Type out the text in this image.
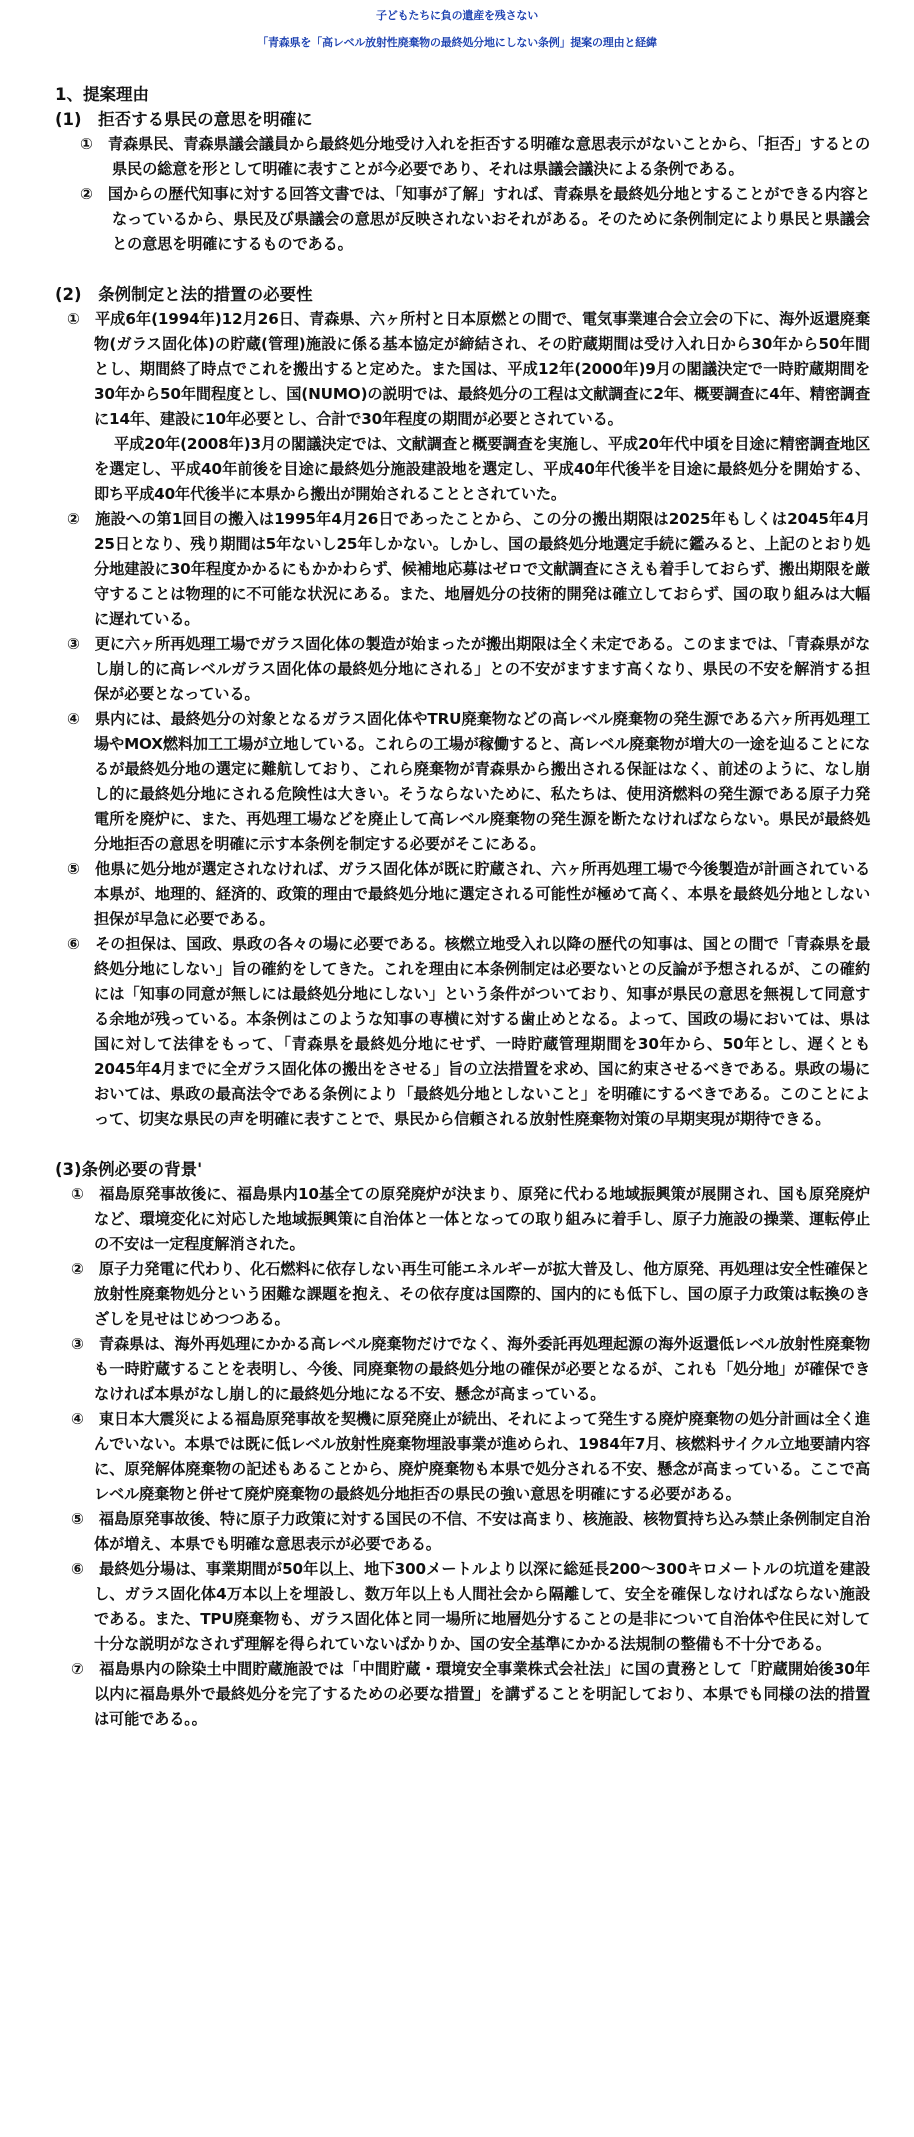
子どもたちに負の遺産を残さない
「青森県を「高レベル放射性廃棄物の最終処分地にしない条例」提案の理由と経緯
1、提案理由
(1)　拒否する県民の意思を明確に
①　青森県民、青森県議会議員から最終処分地受け入れを拒否する明確な意思表示がないことから、「拒否」するとの県民の総意を形として明確に表すことが今必要であり、それは県議会議決による条例である。
②　国からの歴代知事に対する回答文書では、「知事が了解」すれば、青森県を最終処分地とすることができる内容となっているから、県民及び県議会の意思が反映されないおそれがある。そのために条例制定により県民と県議会との意思を明確にするものである。
(2)　条例制定と法的措置の必要性
①　平成6年(1994年)12月26日、青森県、六ヶ所村と日本原燃との間で、電気事業連合会立会の下に、海外返還廃棄物(ガラス固化体)の貯蔵(管理)施設に係る基本協定が締結され、その貯蔵期間は受け入れ日から30年から50年間とし、期間終了時点でこれを搬出すると定めた。また国は、平成12年(2000年)9月の閣議決定で一時貯蔵期間を30年から50年間程度とし、国(NUMO)の説明では、最終処分の工程は文献調査に2年、概要調査に4年、精密調査に14年、建設に10年必要とし、合計で30年程度の期間が必要とされている。
平成20年(2008年)3月の閣議決定では、文献調査と概要調査を実施し、平成20年代中頃を目途に精密調査地区を選定し、平成40年前後を目途に最終処分施設建設地を選定し、平成40年代後半を目途に最終処分を開始する、即ち平成40年代後半に本県から搬出が開始されることとされていた。
②　施設への第1回目の搬入は1995年4月26日であったことから、この分の搬出期限は2025年もしくは2045年4月25日となり、残り期間は5年ないし25年しかない。しかし、国の最終処分地選定手続に鑑みると、上記のとおり処分地建設に30年程度かかるにもかかわらず、候補地応募はゼロで文献調査にさえも着手しておらず、搬出期限を厳守することは物理的に不可能な状況にある。また、地層処分の技術的開発は確立しておらず、国の取り組みは大幅に遅れている。
③　更に六ヶ所再処理工場でガラス固化体の製造が始まったが搬出期限は全く未定である。このままでは、「青森県がなし崩し的に高レベルガラス固化体の最終処分地にされる」との不安がますます高くなり、県民の不安を解消する担保が必要となっている。
④　県内には、最終処分の対象となるガラス固化体やTRU廃棄物などの高レベル廃棄物の発生源である六ヶ所再処理工場やMOX燃料加工工場が立地している。これらの工場が稼働すると、高レベル廃棄物が増大の一途を辿ることになるが最終処分地の選定に難航しており、これら廃棄物が青森県から搬出される保証はなく、前述のように、なし崩し的に最終処分地にされる危険性は大きい。そうならないために、私たちは、使用済燃料の発生源である原子力発電所を廃炉に、また、再処理工場などを廃止して高レベル廃棄物の発生源を断たなければならない。県民が最終処分地拒否の意思を明確に示す本条例を制定する必要がそこにある。
⑤　他県に処分地が選定されなければ、ガラス固化体が既に貯蔵され、六ヶ所再処理工場で今後製造が計画されている本県が、地理的、経済的、政策的理由で最終処分地に選定される可能性が極めて高く、本県を最終処分地としない担保が早急に必要である。
⑥　その担保は、国政、県政の各々の場に必要である。核燃立地受入れ以降の歴代の知事は、国との間で「青森県を最終処分地にしない」旨の確約をしてきた。これを理由に本条例制定は必要ないとの反論が予想されるが、この確約には「知事の同意が無しには最終処分地にしない」という条件がついており、知事が県民の意思を無視して同意する余地が残っている。本条例はこのような知事の専横に対する歯止めとなる。よって、国政の場においては、県は国に対して法律をもって、「青森県を最終処分地にせず、一時貯蔵管理期間を30年から、50年とし、遅くとも2045年4月までに全ガラス固化体の搬出をさせる」旨の立法措置を求め、国に約束させるべきである。県政の場においては、県政の最高法令である条例により「最終処分地としないこと」を明確にするべきである。このことによって、切実な県民の声を明確に表すことで、県民から信頼される放射性廃棄物対策の早期実現が期待できる。
(3)条例必要の背景'
①　福島原発事故後に、福島県内10基全ての原発廃炉が決まり、原発に代わる地域振興策が展開され、国も原発廃炉など、環境変化に対応した地域振興策に自治体と一体となっての取り組みに着手し、原子力施設の操業、運転停止の不安は一定程度解消された。
②　原子力発電に代わり、化石燃料に依存しない再生可能エネルギーが拡大普及し、他方原発、再処理は安全性確保と放射性廃棄物処分という困難な課題を抱え、その依存度は国際的、国内的にも低下し、国の原子力政策は転換のきざしを見せはじめつつある。
③　青森県は、海外再処理にかかる高レベル廃棄物だけでなく、海外委託再処理起源の海外返還低レベル放射性廃棄物も一時貯蔵することを表明し、今後、同廃棄物の最終処分地の確保が必要となるが、これも「処分地」が確保できなければ本県がなし崩し的に最終処分地になる不安、懸念が高まっている。
④　東日本大震災による福島原発事故を契機に原発廃止が続出、それによって発生する廃炉廃棄物の処分計画は全く進んでいない。本県では既に低レベル放射性廃棄物埋設事業が進められ、1984年7月、核燃料サイクル立地要請内容に、原発解体廃棄物の記述もあることから、廃炉廃棄物も本県で処分される不安、懸念が高まっている。ここで高レベル廃棄物と併せて廃炉廃棄物の最終処分地拒否の県民の強い意思を明確にする必要がある。
⑤　福島原発事故後、特に原子力政策に対する国民の不信、不安は高まり、核施設、核物質持ち込み禁止条例制定自治体が増え、本県でも明確な意思表示が必要である。
⑥　最終処分場は、事業期間が50年以上、地下300メートルより以深に総延長200～300キロメートルの坑道を建設し、ガラス固化体4万本以上を埋設し、数万年以上も人間社会から隔離して、安全を確保しなければならない施設である。また、TPU廃棄物も、ガラス固化体と同一場所に地層処分することの是非について自治体や住民に対して十分な説明がなされず理解を得られていないばかりか、国の安全基準にかかる法規制の整備も不十分である。
⑦　福島県内の除染土中間貯蔵施設では「中間貯蔵・環境安全事業株式会社法」に国の責務として「貯蔵開始後30年以内に福島県外で最終処分を完了するための必要な措置」を講ずることを明記しており、本県でも同様の法的措置は可能である。。
